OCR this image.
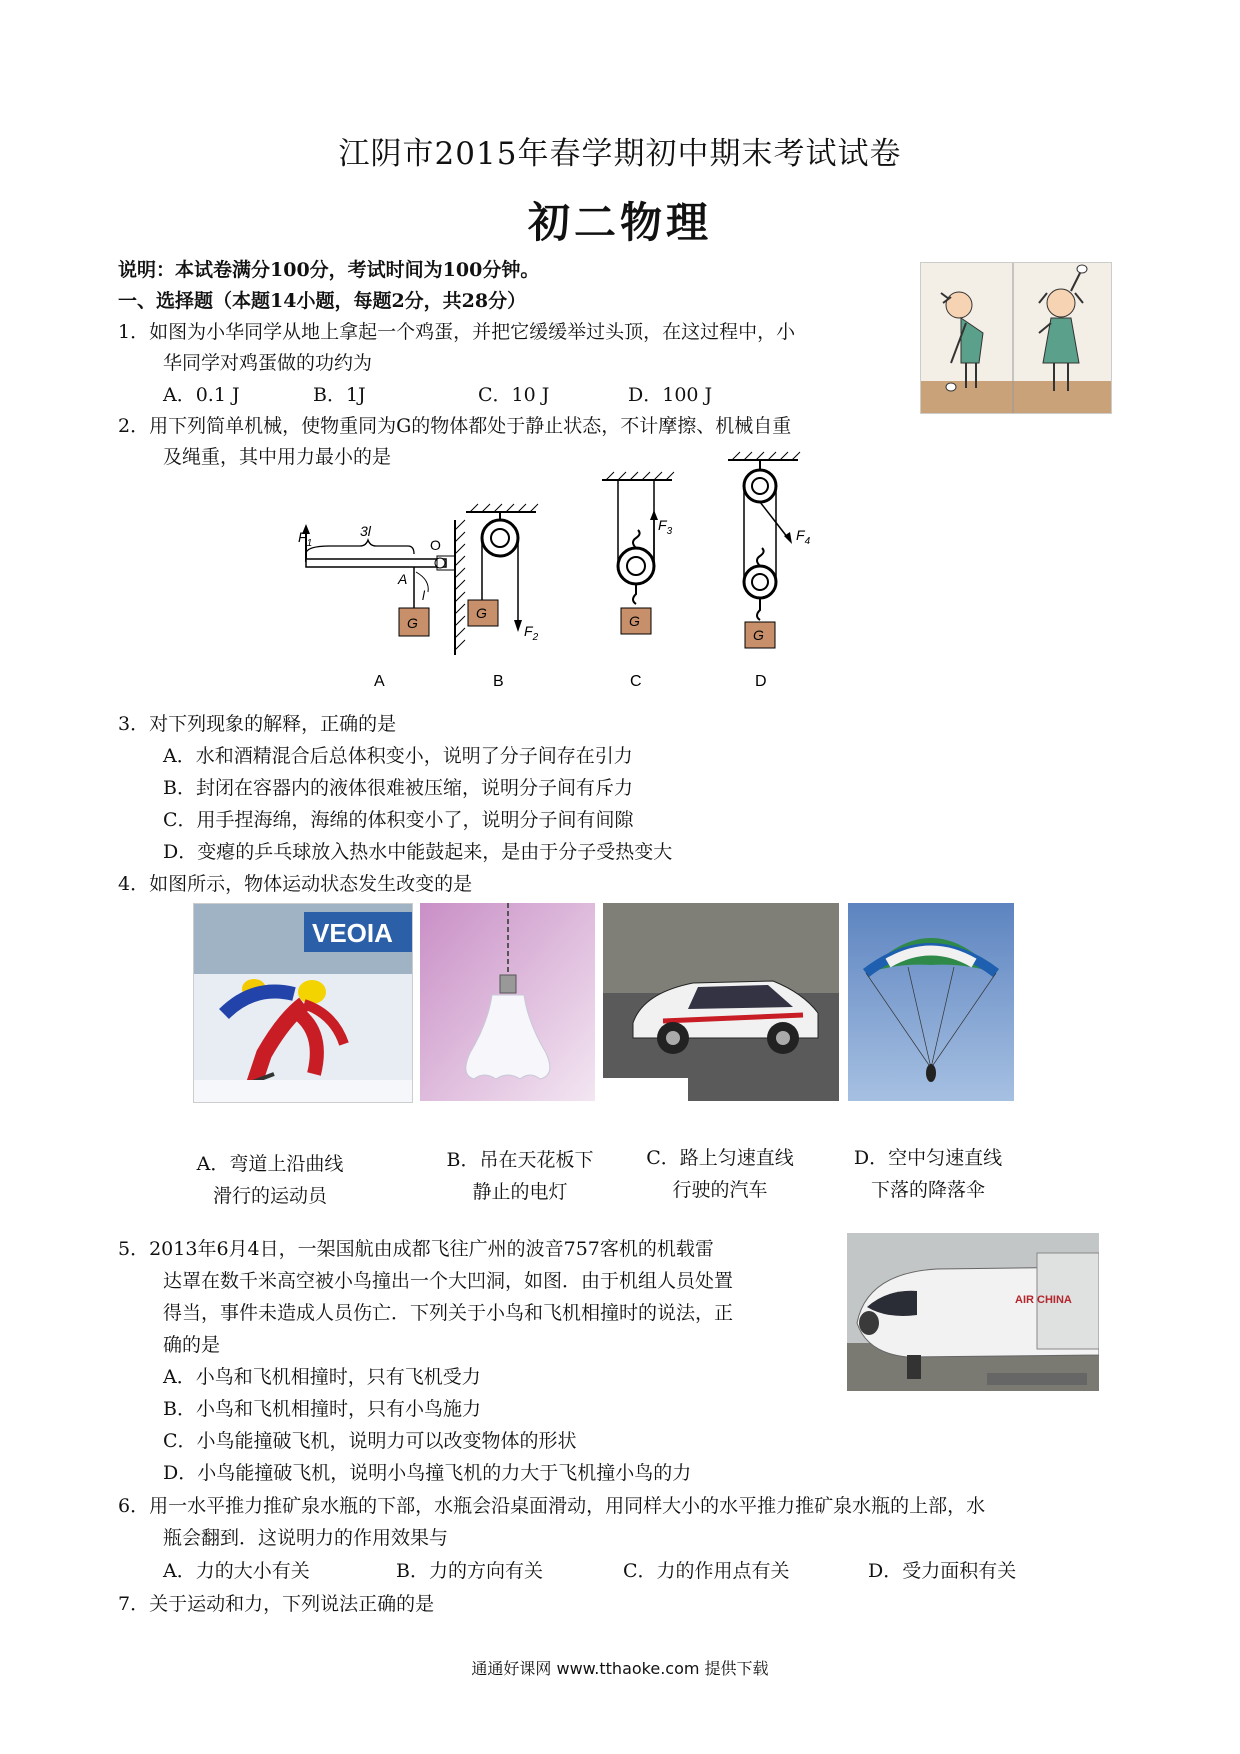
江阴市2015年春学期初中期末考试试卷
初二物理
说明：本试卷满分100分，考试时间为100分钟。
一、选择题（本题14小题，每题2分，共28分）
1．如图为小华同学从地上拿起一个鸡蛋，并把它缓缓举过头顶，在这过程中，小
华同学对鸡蛋做的功约为
A．0.1 J	B．1J	C．10 J	D．100 J
2．用下列简单机械，使物重同为G的物体都处于静止状态，不计摩擦、机械自重
及绳重，其中用力最小的是
$F_1$
3l
O
A
l
G
A
$F_2$
G
B
$F_3$
G
C
$F_4$
G
D
3．对下列现象的解释，正确的是
A．水和酒精混合后总体积变小，说明了分子间存在引力
B．封闭在容器内的液体很难被压缩，说明分子间有斥力
C．用手捏海绵，海绵的体积变小了，说明分子间有间隙
D．变瘪的乒乓球放入热水中能鼓起来，是由于分子受热变大
4．如图所示，物体运动状态发生改变的是
VEOIA
A．弯道上沿曲线
滑行的运动员
B．吊在天花板下
静止的电灯
C．路上匀速直线
行驶的汽车
D．空中匀速直线
下落的降落伞
5．2013年6月4日，一架国航由成都飞往广州的波音757客机的机载雷
达罩在数千米高空被小鸟撞出一个大凹洞，如图．由于机组人员处置
得当，事件未造成人员伤亡．下列关于小鸟和飞机相撞时的说法，正
确的是
A．小鸟和飞机相撞时，只有飞机受力
B．小鸟和飞机相撞时，只有小鸟施力
C．小鸟能撞破飞机，说明力可以改变物体的形状
D．小鸟能撞破飞机，说明小鸟撞飞机的力大于飞机撞小鸟的力
AIR CHINA
6．用一水平推力推矿泉水瓶的下部，水瓶会沿桌面滑动，用同样大小的水平推力推矿泉水瓶的上部，水
瓶会翻到．这说明力的作用效果与
A．力的大小有关	B．力的方向有关	C．力的作用点有关	D．受力面积有关
7．关于运动和力，下列说法正确的是
通通好课网 www.tthaoke.com 提供下载
